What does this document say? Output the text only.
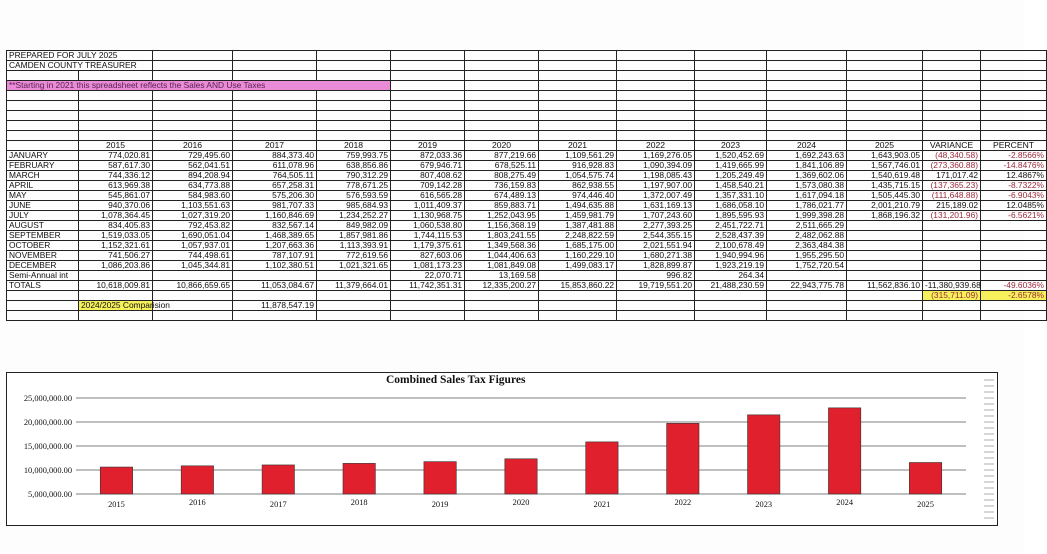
PREPARED FOR JULY 2025													
CAMDEN COUNTY TREASURER													

**Starting in 2021 this spreadsheet reflects the Sales AND Use Taxes													

	2015	2016	2017	2018	2019	2020	2021	2022	2023	2024	2025	VARIANCE	PERCENT
JANUARY	774,020.81	729,495.60	884,373.40	759,993.75	872,033.36	877,219.66	1,109,561.29	1,169,276.05	1,520,452.69	1,692,243.63	1,643,903.05	(48,340.58)	-2.8566%
FEBRUARY	587,617.30	562,041.51	611,078.96	638,856.86	679,946.71	678,525.11	916,928.83	1,090,394.09	1,419,665.99	1,841,106.89	1,567,746.01	(273,360.88)	-14.8476%
MARCH	744,336.12	894,208.94	764,505.11	790,312.29	807,408.62	808,275.49	1,054,575.74	1,198,085.43	1,205,249.49	1,369,602.06	1,540,619.48	171,017.42	12.4867%
APRIL	613,969.38	634,773.88	657,258.31	778,671.25	709,142.28	736,159.83	862,938.55	1,197,907.00	1,458,540.21	1,573,080.38	1,435,715.15	(137,365.23)	-8.7322%
MAY	545,861.07	584,983.60	575,206.30	576,593.59	616,565.28	674,489.13	974,446.40	1,372,007.49	1,357,331.10	1,617,094.18	1,505,445.30	(111,648.88)	-6.9043%
JUNE	940,370.06	1,103,551.63	981,707.33	985,684.93	1,011,409.37	859,883.71	1,494,635.88	1,631,169.13	1,686,058.10	1,786,021.77	2,001,210.79	215,189.02	12.0485%
JULY	1,078,364.45	1,027,319.20	1,160,846.69	1,234,252.27	1,130,968.75	1,252,043.95	1,459,981.79	1,707,243.60	1,895,595.93	1,999,398.28	1,868,196.32	(131,201.96)	-6.5621%
AUGUST	834,405.83	792,453.82	832,567.14	849,982.09	1,060,538.80	1,156,368.19	1,387,481.88	2,277,393.25	2,451,722.71	2,511,665.29			
SEPTEMBER	1,519,033.05	1,690,051.04	1,468,389.65	1,857,981.86	1,744,115.53	1,803,241.55	2,248,822.59	2,544,355.15	2,528,437.39	2,482,062.88			
OCTOBER	1,152,321.61	1,057,937.01	1,207,663.36	1,113,393.91	1,179,375.61	1,349,568.36	1,685,175.00	2,021,551.94	2,100,678.49	2,363,484.38			
NOVEMBER	741,506.27	744,498.61	787,107.91	772,619.56	827,603.06	1,044,406.63	1,160,229.10	1,680,271.38	1,940,994.96	1,955,295.50			
DECEMBER	1,086,203.86	1,045,344.81	1,102,380.51	1,021,321.65	1,081,173.23	1,081,849.08	1,499,083.17	1,828,899.87	1,923,219.19	1,752,720.54			
Semi-Annual int					22,070.71	13,169.58		996.82	264.34				
TOTALS	10,618,009.81	10,866,659.65	11,053,084.67	11,379,664.01	11,742,351.31	12,335,200.27	15,853,860.22	19,719,551.20	21,488,230.59	22,943,775.78	11,562,836.10	-11,380,939.68	-49.6036%
												(315,711.09)	-2.6578%
	2024/2025 Comparision		11,878,547.19										

5,000,000.00
10,000,000.00
15,000,000.00
20,000,000.00
25,000,000.00
2015	2016	2017	2018	2019	2020	2021	2022	2023	2024	2025
Combined Sales Tax Figures
